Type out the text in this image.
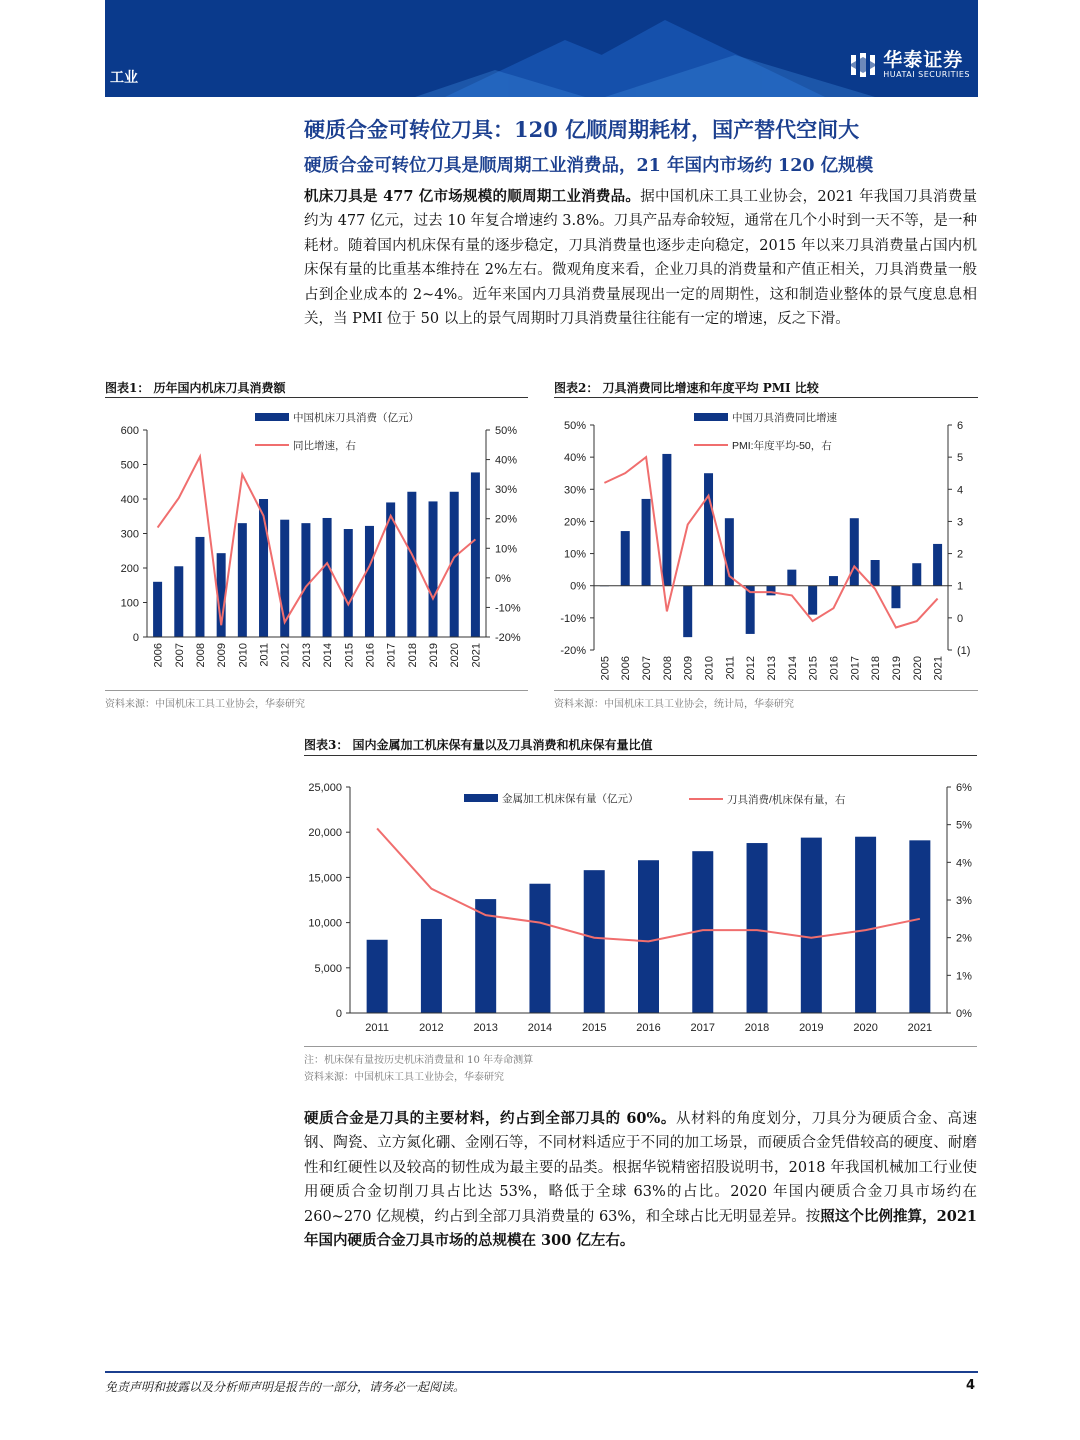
工业
华泰证券
HUATAI SECURITIES
硬质合金可转位刀具：120 亿顺周期耗材，国产替代空间大
硬质合金可转位刀具是顺周期工业消费品，21 年国内市场约 120 亿规模
机床刀具是 477 亿市场规模的顺周期工业消费品。据中国机床工具工业协会，2021 年我国刀具消费量约为 477 亿元，过去 10 年复合增速约 3.8%。刀具产品寿命较短，通常在几个小时到一天不等，是一种耗材。随着国内机床保有量的逐步稳定，刀具消费量也逐步走向稳定，2015 年以来刀具消费量占国内机床保有量的比重基本维持在 2%左右。微观角度来看，企业刀具的消费量和产值正相关，刀具消费量一般占到企业成本的 2~4%。近年来国内刀具消费量展现出一定的周期性，这和制造业整体的景气度息息相关，当 PMI 位于 50 以上的景气周期时刀具消费量往往能有一定的增速，反之下滑。
图表1： 历年国内机床刀具消费额
600
500
400
300
200
100
0
50%
40%
30%
20%
10%
0%
-10%
-20%
2006 2007 2008 2009 2010 2011 2012 2013 2014 2015 2016 2017 2018 2019 2020 2021
中国机床刀具消费（亿元）
同比增速，右
资料来源：中国机床工具工业协会，华泰研究
图表2： 刀具消费同比增速和年度平均 PMI 比较
50%
40%
30%
20%
10%
0%
-10%
-20%
6
5
4
3
2
1
0
(1)
2005 2006 2007 2008 2009 2010 2011 2012 2013 2014 2015 2016 2017 2018 2019 2020 2021
中国刀具消费同比增速
PMI:年度平均-50，右
资料来源：中国机床工具工业协会，统计局，华泰研究
图表3： 国内金属加工机床保有量以及刀具消费和机床保有量比值
25,000
20,000
15,000
10,000
5,000
0
6%
5%
4%
3%
2%
1%
0%
2011	2012	2013	2014	2015	2016	2017	2018	2019	2020	2021
金属加工机床保有量（亿元）	刀具消费/机床保有量，右
注：机床保有量按历史机床消费量和 10 年寿命测算
资料来源：中国机床工具工业协会，华泰研究
硬质合金是刀具的主要材料，约占到全部刀具的 60%。从材料的角度划分，刀具分为硬质合金、高速钢、陶瓷、立方氮化硼、金刚石等，不同材料适应于不同的加工场景，而硬质合金凭借较高的硬度、耐磨性和红硬性以及较高的韧性成为最主要的品类。根据华锐精密招股说明书，2018 年我国机械加工行业使用硬质合金切削刀具占比达 53%，略低于全球 63%的占比。2020 年国内硬质合金刀具市场约在 260~270 亿规模，约占到全部刀具消费量的 63%，和全球占比无明显差异。按照这个比例推算，2021 年国内硬质合金刀具市场的总规模在 300 亿左右。
免责声明和披露以及分析师声明是报告的一部分，请务必一起阅读。	4
